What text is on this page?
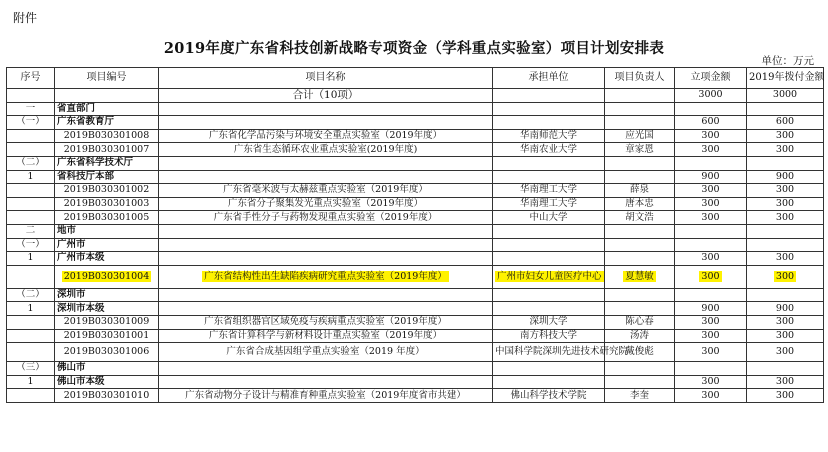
附件
2019年度广东省科技创新战略专项资金（学科重点实验室）项目计划安排表
单位：万元
序号	项目编号	项目名称	承担单位	项目负责人	立项金额	2019年拨付金额
		合计（10项）			3000	3000
一	省直部门					
（一）	广东省教育厅				600	600
	2019B030301008	广东省化学品污染与环境安全重点实验室（2019年度）	华南师范大学	应光国	300	300
	2019B030301007	广东省生态循环农业重点实验室(2019年度)	华南农业大学	章家恩	300	300
（二）	广东省科学技术厅					
1	省科技厅本部				900	900
	2019B030301002	广东省毫米波与太赫兹重点实验室（2019年度）	华南理工大学	薛泉	300	300
	2019B030301003	广东省分子聚集发光重点实验室（2019年度）	华南理工大学	唐本忠	300	300
	2019B030301005	广东省手性分子与药物发现重点实验室（2019年度）	中山大学	胡文浩	300	300
二	地市					
（一）	广州市					
1	广州市本级				300	300
	2019B030301004	广东省结构性出生缺陷疾病研究重点实验室（2019年度）	广州市妇女儿童医疗中心	夏慧敏	300	300
（二）	深圳市					
1	深圳市本级				900	900
	2019B030301009	广东省组织器官区域免疫与疾病重点实验室（2019年度）	深圳大学	陈心春	300	300
	2019B030301001	广东省计算科学与新材料设计重点实验室（2019年度）	南方科技大学	汤涛	300	300
	2019B030301006	广东省合成基因组学重点实验室（2019 年度）	中国科学院深圳先进技术研究院	戴俊彪	300	300
（三）	佛山市					
1	佛山市本级				300	300
	2019B030301010	广东省动物分子设计与精准育种重点实验室（2019年度省市共建）	佛山科学技术学院	李奎	300	300
